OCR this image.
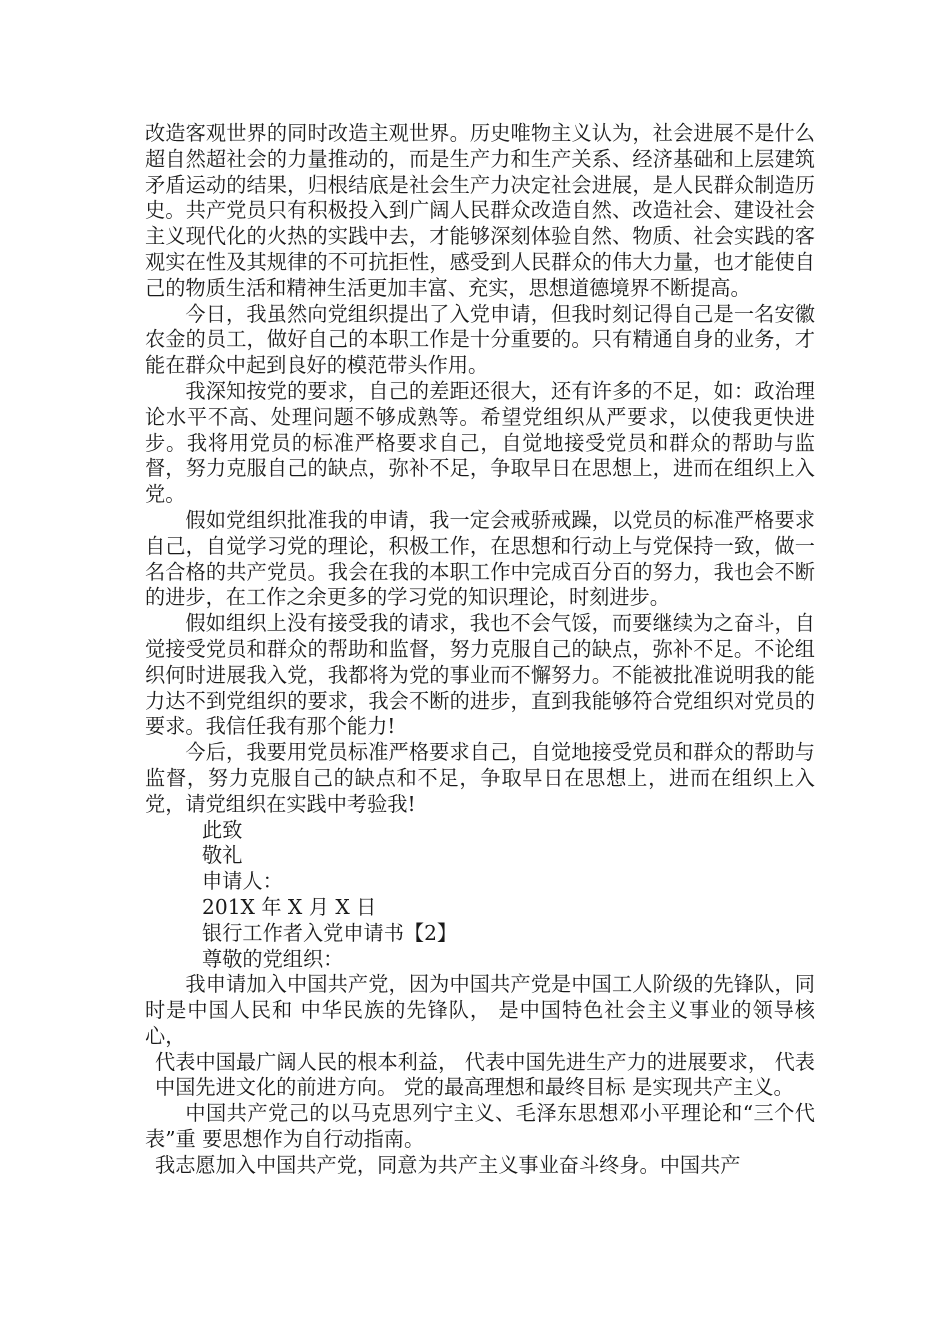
改造客观世界的同时改造主观世界。历史唯物主义认为，社会进展不是什么超自然超社会的力量推动的，而是生产力和生产关系、经济基础和上层建筑矛盾运动的结果，归根结底是社会生产力决定社会进展，是人民群众制造历史。共产党员只有积极投入到广阔人民群众改造自然、改造社会、建设社会主义现代化的火热的实践中去，才能够深刻体验自然、物质、社会实践的客观实在性及其规律的不可抗拒性，感受到人民群众的伟大力量，也才能使自己的物质生活和精神生活更加丰富、充实，思想道德境界不断提高。

今日，我虽然向党组织提出了入党申请，但我时刻记得自己是一名安徽农金的员工，做好自己的本职工作是十分重要的。只有精通自身的业务，才能在群众中起到良好的模范带头作用。

我深知按党的要求，自己的差距还很大，还有许多的不足，如：政治理论水平不高、处理问题不够成熟等。希望党组织从严要求，以使我更快进步。我将用党员的标准严格要求自己，自觉地接受党员和群众的帮助与监督，努力克服自己的缺点，弥补不足，争取早日在思想上，进而在组织上入党。

假如党组织批准我的申请，我一定会戒骄戒躁，以党员的标准严格要求自己，自觉学习党的理论，积极工作，在思想和行动上与党保持一致，做一名合格的共产党员。我会在我的本职工作中完成百分百的努力，我也会不断的进步，在工作之余更多的学习党的知识理论，时刻进步。

假如组织上没有接受我的请求，我也不会气馁，而要继续为之奋斗，自觉接受党员和群众的帮助和监督，努力克服自己的缺点，弥补不足。不论组织何时进展我入党，我都将为党的事业而不懈努力。不能被批准说明我的能力达不到党组织的要求，我会不断的进步，直到我能够符合党组织对党员的要求。我信任我有那个能力!

今后，我要用党员标准严格要求自己，自觉地接受党员和群众的帮助与监督，努力克服自己的缺点和不足，争取早日在思想上，进而在组织上入党，请党组织在实践中考验我!

此致

敬礼

申请人：

201X 年 X 月 X 日

银行工作者入党申请书【2】

尊敬的党组织：

我申请加入中国共产党，因为中国共产党是中国工人阶级的先锋队，同时是中国人民和 中华民族的先锋队， 是中国特色社会主义事业的领导核心，

代表中国最广阔人民的根本利益， 代表中国先进生产力的进展要求， 代表中国先进文化的前进方向。 党的最高理想和最终目标 是实现共产主义。

中国共产党己的以马克思列宁主义、毛泽东思想邓小平理论和“三个代表”重 要思想作为自行动指南。

我志愿加入中国共产党，同意为共产主义事业奋斗终身。中国共产
